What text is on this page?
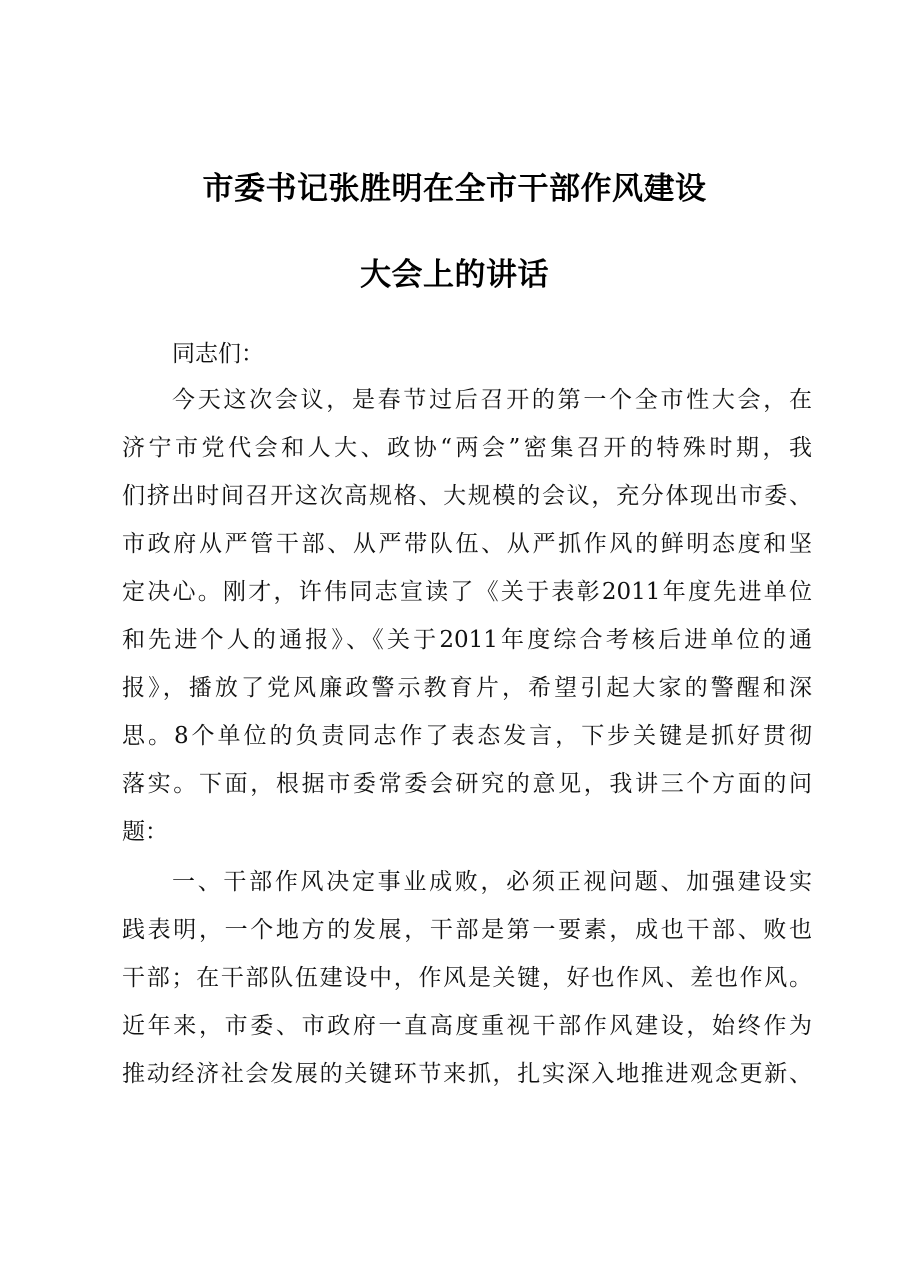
市委书记张胜明在全市干部作风建设
大会上的讲话
同志们：
今天这次会议，是春节过后召开的第一个全市性大会，在
济宁市党代会和人大、政协“两会”密集召开的特殊时期，我
们挤出时间召开这次高规格、大规模的会议，充分体现出市委、
市政府从严管干部、从严带队伍、从严抓作风的鲜明态度和坚
定决心。刚才，许伟同志宣读了《关于表彰2011年度先进单位
和先进个人的通报》、《关于2011年度综合考核后进单位的通
报》，播放了党风廉政警示教育片，希望引起大家的警醒和深
思。8个单位的负责同志作了表态发言，下步关键是抓好贯彻
落实。下面，根据市委常委会研究的意见，我讲三个方面的问
题：
一、干部作风决定事业成败，必须正视问题、加强建设实
践表明，一个地方的发展，干部是第一要素，成也干部、败也
干部；在干部队伍建设中，作风是关键，好也作风、差也作风。
近年来，市委、市政府一直高度重视干部作风建设，始终作为
推动经济社会发展的关键环节来抓，扎实深入地推进观念更新、
